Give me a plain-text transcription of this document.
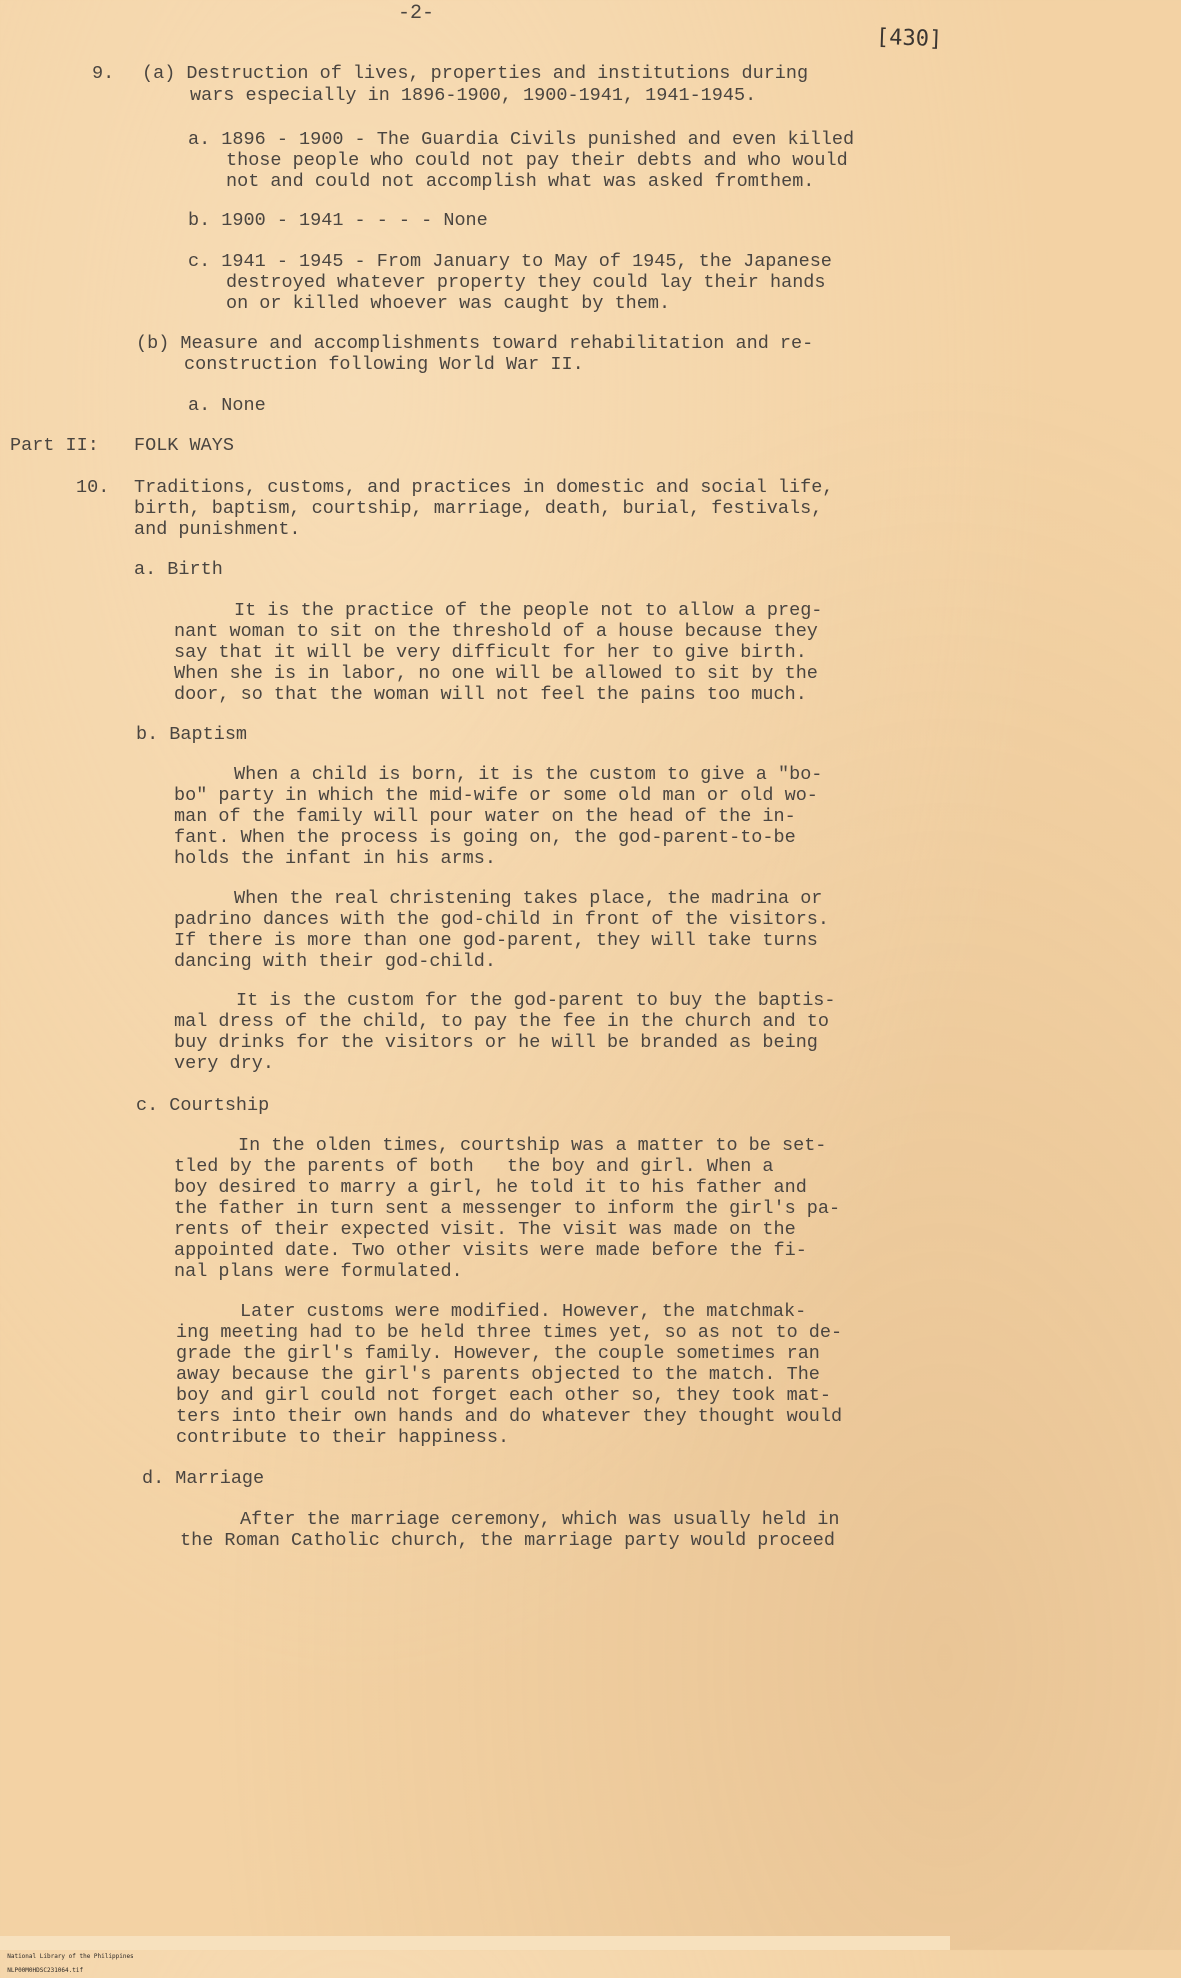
-2-
[430]
9. (a) Destruction of lives, properties and institutions during
wars especially in 1896-1900, 1900-1941, 1941-1945.
a. 1896 - 1900 - The Guardia Civils punished and even killed
those people who could not pay their debts and who would
not and could not accomplish what was asked fromthem.
b. 1900 - 1941 - - - - None
c. 1941 - 1945 - From January to May of 1945, the Japanese
destroyed whatever property they could lay their hands
on or killed whoever was caught by them.
(b) Measure and accomplishments toward rehabilitation and re-
construction following World War II.
a. None
Part II: FOLK WAYS
10. Traditions, customs, and practices in domestic and social life,
birth, baptism, courtship, marriage, death, burial, festivals,
and punishment.
a. Birth
It is the practice of the people not to allow a preg-
nant woman to sit on the threshold of a house because they
say that it will be very difficult for her to give birth.
When she is in labor, no one will be allowed to sit by the
door, so that the woman will not feel the pains too much.
b. Baptism
When a child is born, it is the custom to give a "bo-
bo" party in which the mid-wife or some old man or old wo-
man of the family will pour water on the head of the in-
fant. When the process is going on, the god-parent-to-be
holds the infant in his arms.
When the real christening takes place, the madrina or
padrino dances with the god-child in front of the visitors.
If there is more than one god-parent, they will take turns
dancing with their god-child.
It is the custom for the god-parent to buy the baptis-
mal dress of the child, to pay the fee in the church and to
buy drinks for the visitors or he will be branded as being
very dry.
c. Courtship
In the olden times, courtship was a matter to be set-
tled by the parents of both   the boy and girl. When a
boy desired to marry a girl, he told it to his father and
the father in turn sent a messenger to inform the girl's pa-
rents of their expected visit. The visit was made on the
appointed date. Two other visits were made before the fi-
nal plans were formulated.
Later customs were modified. However, the matchmak-
ing meeting had to be held three times yet, so as not to de-
grade the girl's family. However, the couple sometimes ran
away because the girl's parents objected to the match. The
boy and girl could not forget each other so, they took mat-
ters into their own hands and do whatever they thought would
contribute to their happiness.
d. Marriage
After the marriage ceremony, which was usually held in
the Roman Catholic church, the marriage party would proceed

National Library of the Philippines
NLP00M0HDSC231064.tif
